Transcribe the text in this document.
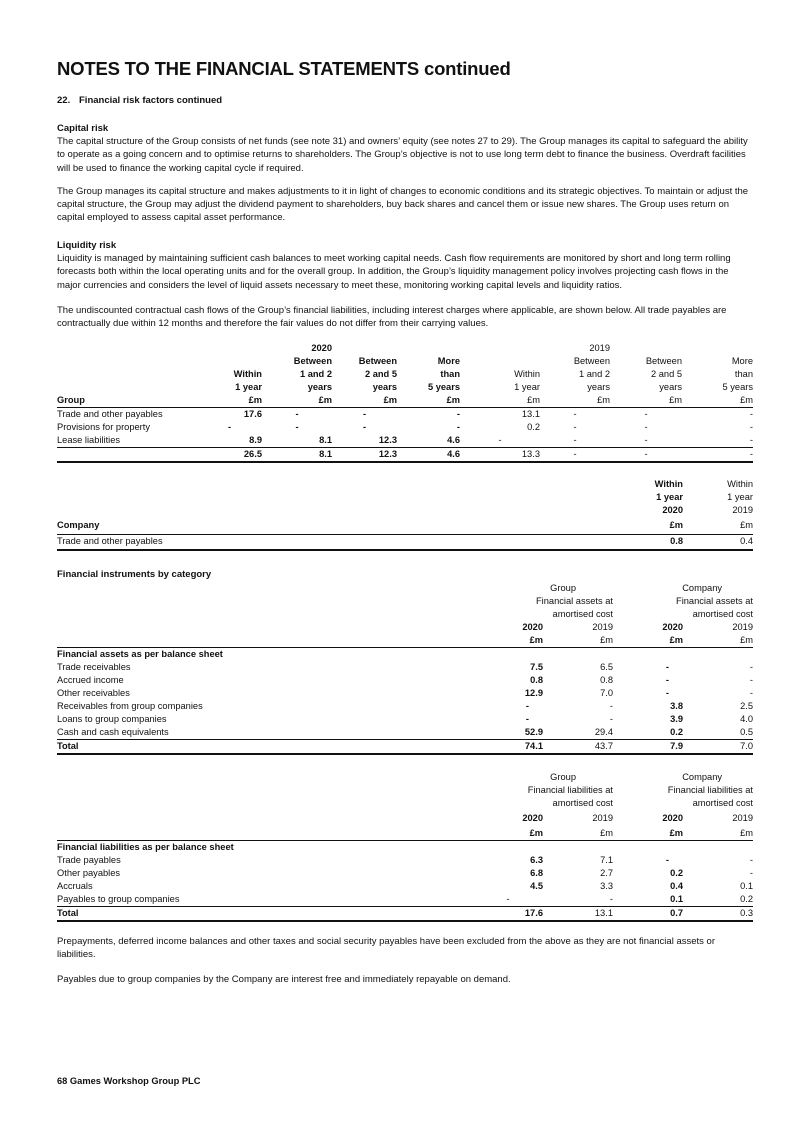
NOTES TO THE FINANCIAL STATEMENTS continued
22. Financial risk factors continued

Capital risk

The capital structure of the Group consists of net funds (see note 31) and owners’ equity (see notes 27 to 29). The Group manages its capital to safeguard the ability to operate as a going concern and to optimise returns to shareholders. The Group’s objective is not to use long term debt to finance the business. Overdraft facilities will be used to finance the working capital cycle if required.

The Group manages its capital structure and makes adjustments to it in light of changes to economic conditions and its strategic objectives. To maintain or adjust the capital structure, the Group may adjust the dividend payment to shareholders, buy back shares and cancel them or issue new shares. The Group uses return on capital employed to assess capital asset performance.

Liquidity risk

Liquidity is managed by maintaining sufficient cash balances to meet working capital needs. Cash flow requirements are monitored by short and long term rolling forecasts both within the local operating units and for the overall group. In addition, the Group’s liquidity management policy involves projecting cash flows in the major currencies and considers the level of liquid assets necessary to meet these, monitoring working capital levels and liquidity ratios.

The undiscounted contractual cash flows of the Group’s financial liabilities, including interest charges where applicable, are shown below. All trade payables are contractually due within 12 months and therefore the fair values do not differ from their carrying values.
		2020				2019		
		Between	Between	More		Between	Between	More
	Within	1 and 2	2 and 5	than	Within	1 and 2	2 and 5	than
	1 year	years	years	5 years	1 year	years	years	5 years
Group	£m	£m	£m	£m	£m	£m	£m	£m
Trade and other payables	17.6	-	-	-	13.1	-	-	-
Provisions for property	-	-	-	-	0.2	-	-	-
Lease liabilities	8.9	8.1	12.3	4.6	-	-	-	-
	26.5	8.1	12.3	4.6	13.3	-	-	-
	Within	Within
	1 year	1 year
	2020	2019
Company	£m	£m
Trade and other payables	0.8	0.4
Financial instruments by category
	Group		Company	
	Financial assets at		Financial assets at	
	amortised cost		amortised cost	
	2020	2019	2020	2019
	£m	£m	£m	£m
Financial assets as per balance sheet				
Trade receivables	7.5	6.5	-	-
Accrued income	0.8	0.8	-	-
Other receivables	12.9	7.0	-	-
Receivables from group companies	-	-	3.8	2.5
Loans to group companies	-	-	3.9	4.0
Cash and cash equivalents	52.9	29.4	0.2	0.5
Total	74.1	43.7	7.9	7.0
	Group		Company	
	Financial liabilities at		Financial liabilities at	
	amortised cost		amortised cost	
	2020	2019	2020	2019
	£m	£m	£m	£m
Financial liabilities as per balance sheet				
Trade payables	6.3	7.1	-	-
Other payables	6.8	2.7	0.2	-
Accruals	4.5	3.3	0.4	0.1
Payables to group companies	-	-	0.1	0.2
Total	17.6	13.1	0.7	0.3
Prepayments, deferred income balances and other taxes and social security payables have been excluded from the above as they are not financial assets or liabilities.
Payables due to group companies by the Company are interest free and immediately repayable on demand.
68 Games Workshop Group PLC
